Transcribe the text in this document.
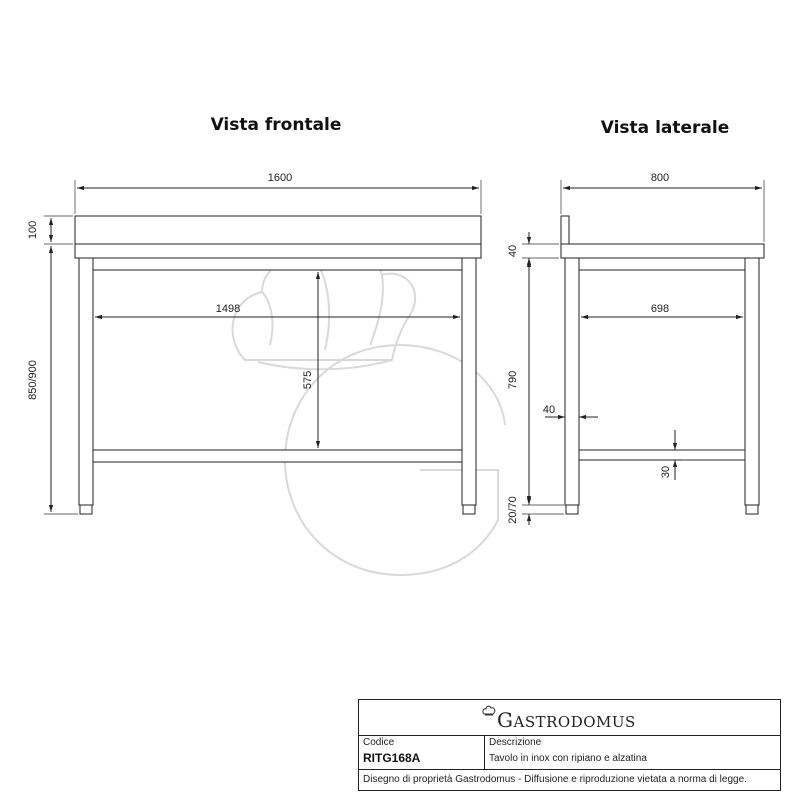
Vista frontale	Vista laterale
1600
100
850/900
1498
575
800
40
790
20/70
698
40
30
GASTRODOMUS
Codice
RITG168A
Descrizione
Tavolo in inox con ripiano e alzatina
Disegno di proprietà Gastrodomus - Diffusione e riproduzione vietata a norma di legge.
